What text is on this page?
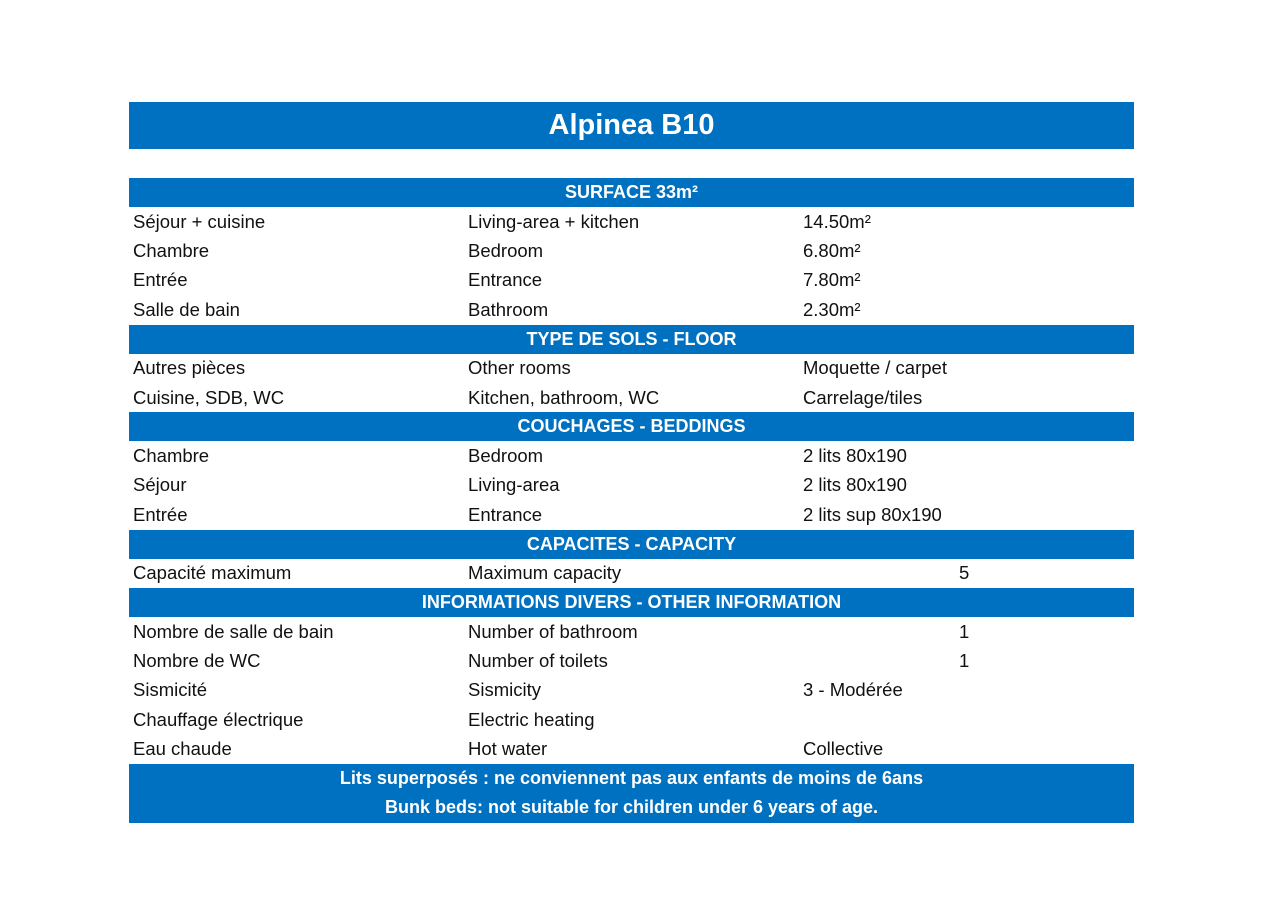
Alpinea B10
SURFACE 33m²
Séjour + cuisine	Living-area + kitchen	14.50m²
Chambre	Bedroom	6.80m²
Entrée	Entrance	7.80m²
Salle de bain	Bathroom	2.30m²
TYPE DE SOLS - FLOOR
Autres pièces	Other rooms	Moquette / carpet
Cuisine, SDB, WC	Kitchen, bathroom, WC	Carrelage/tiles
COUCHAGES - BEDDINGS
Chambre	Bedroom	2 lits 80x190
Séjour	Living-area	2 lits 80x190
Entrée	Entrance	2 lits sup 80x190
CAPACITES - CAPACITY
Capacité maximum	Maximum capacity	5
INFORMATIONS DIVERS - OTHER INFORMATION
Nombre de salle de bain	Number of bathroom	1
Nombre de WC	Number of toilets	1
Sismicité	Sismicity	3 - Modérée
Chauffage électrique	Electric heating
Eau chaude	Hot water	Collective
Lits superposés : ne conviennent pas aux enfants de moins de 6ans
Bunk beds: not suitable for children under 6 years of age.
